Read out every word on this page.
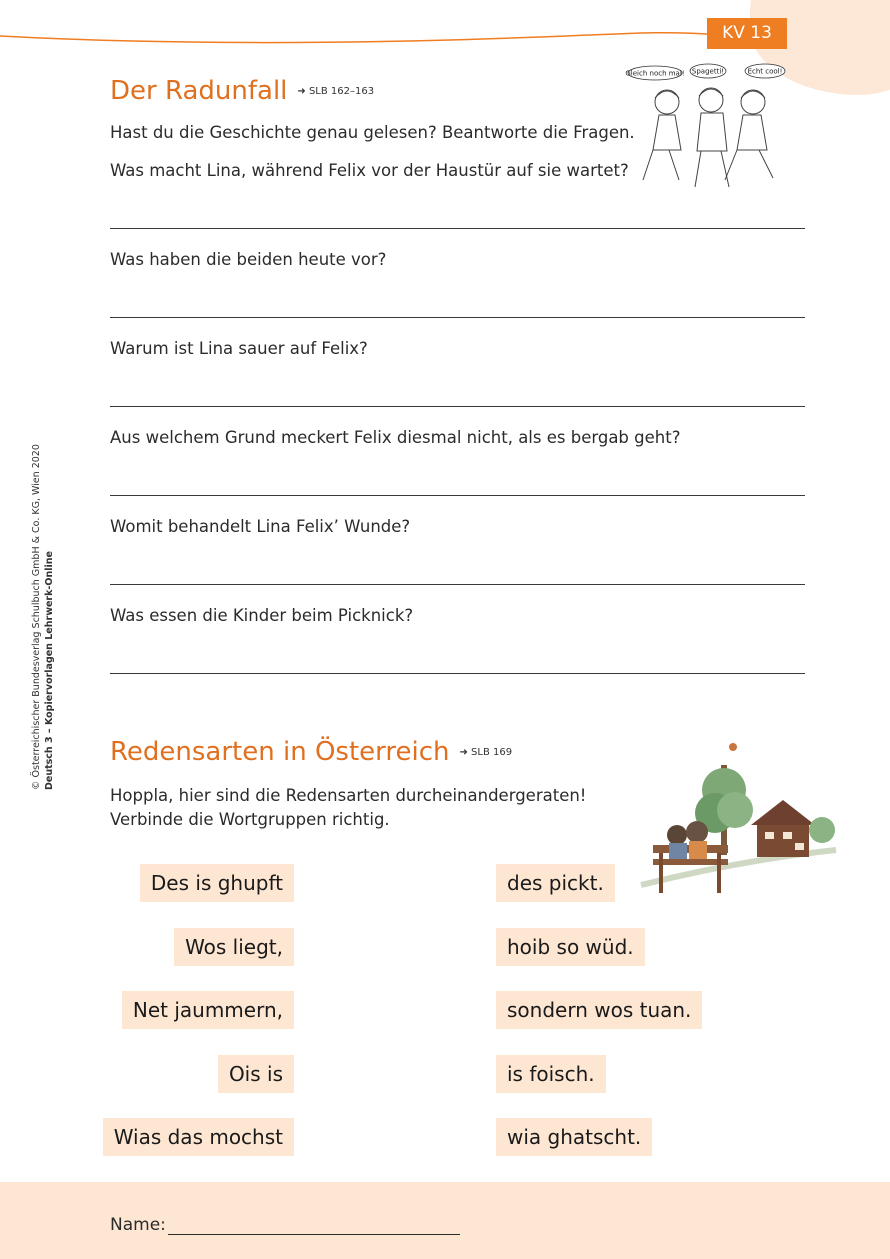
KV 13
© Österreichischer Bundesverlag Schulbuch GmbH & Co. KG, Wien 2020 Deutsch 3 – Kopiervorlagen Lehrwerk-Online
Der Radunfall ➜ SLB 162–163
Hast du die Geschichte genau gelesen? Beantworte die Fragen.
Was macht Lina, während Felix vor der Haustür auf sie wartet?
Was haben die beiden heute vor?
Warum ist Lina sauer auf Felix?
Aus welchem Grund meckert Felix diesmal nicht, als es bergab geht?
Womit behandelt Lina Felix’ Wunde?
Was essen die Kinder beim Picknick?
Gleich noch mal! Spagetti!	Echt cool!
Redensarten in Österreich ➜ SLB 169
Hoppla, hier sind die Redensarten durcheinandergeraten!
Verbinde die Wortgruppen richtig.
Des is ghupft
Wos liegt,
Net jaummern,
Ois is
Wias das mochst
des pickt.
hoib so wüd.
sondern wos tuan.
is foisch.
wia ghatscht.
Name:
